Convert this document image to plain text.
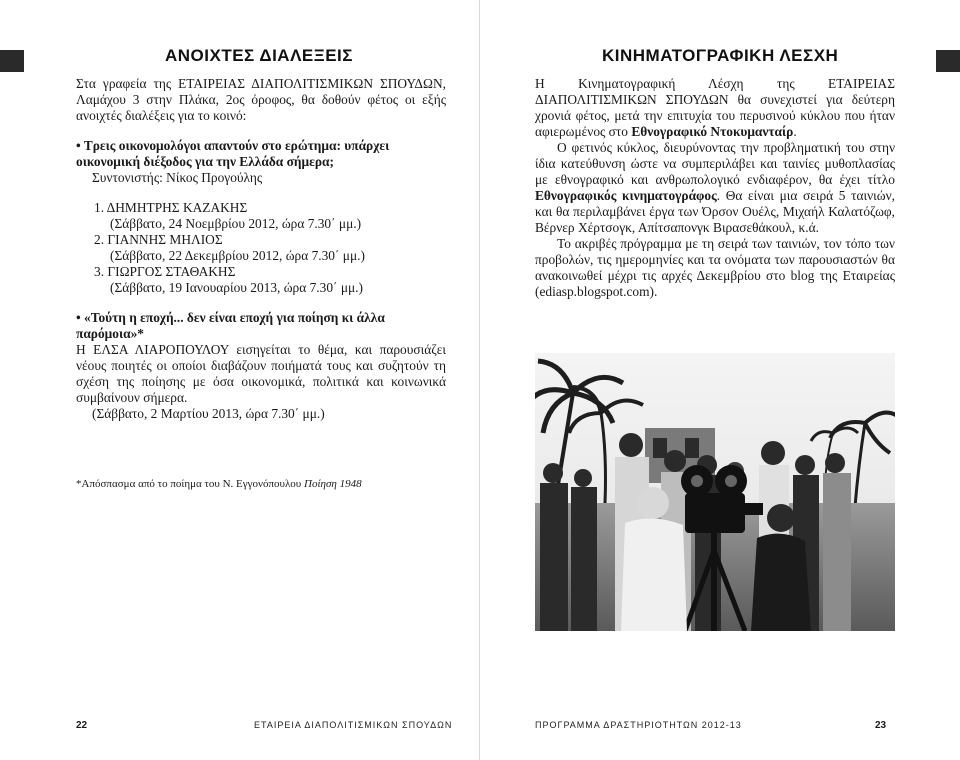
ΑΝΟΙΧΤΕΣ ΔΙΑΛΕΞΕΙΣ

Στα γραφεία της ΕΤΑΙΡΕΙΑΣ ΔΙΑΠΟΛΙΤΙΣΜΙΚΩΝ ΣΠΟΥΔΩΝ, Λαμάχου 3 στην Πλάκα, 2ος όροφος, θα δοθούν φέτος οι εξής ανοιχτές διαλέξεις για το κοινό:

• Τρεις οικονομολόγοι απαντούν στο ερώτημα: υπάρχει οικονομική διέξοδος για την Ελλάδα σήμερα;

Συντονιστής: Νίκος Προγούλης

1. ΔΗΜΗΤΡΗΣ ΚΑΖΑΚΗΣ
(Σάββατο, 24 Νοεμβρίου 2012, ώρα 7.30΄ μμ.)
2. ΓΙΑΝΝΗΣ ΜΗΛΙΟΣ
(Σάββατο, 22 Δεκεμβρίου 2012, ώρα 7.30΄ μμ.)
3. ΓΙΩΡΓΟΣ ΣΤΑΘΑΚΗΣ
(Σάββατο, 19 Ιανουαρίου 2013, ώρα 7.30΄ μμ.)

• «Τούτη η εποχή... δεν είναι εποχή για ποίηση κι άλλα παρόμοια»*

Η ΕΛΣΑ ΛΙΑΡΟΠΟΥΛΟΥ εισηγείται το θέμα, και παρουσιάζει νέους ποιητές οι οποίοι διαβάζουν ποιήματά τους και συζητούν τη σχέση της ποίησης με όσα οικονομικά, πολιτικά και κοινωνικά συμβαίνουν σήμερα.

(Σάββατο, 2 Μαρτίου 2013, ώρα 7.30΄ μμ.)

*Απόσπασμα από το ποίημα του Ν. Εγγονόπουλου Ποίηση 1948
22	ΕΤΑΙΡΕΙΑ ΔΙΑΠΟΛΙΤΙΣΜΙΚΩΝ ΣΠΟΥΔΩΝ
ΚΙΝΗΜΑΤΟΓΡΑΦΙΚΗ ΛΕΣΧΗ

Η Κινηματογραφική Λέσχη της ΕΤΑΙΡΕΙΑΣ ΔΙΑΠΟΛΙΤΙΣΜΙΚΩΝ ΣΠΟΥΔΩΝ θα συνεχιστεί για δεύτερη χρονιά φέτος, μετά την επιτυχία του περυσινού κύκλου που ήταν αφιερωμένος στο Εθνογραφικό Ντοκυμανταίρ.

Ο φετινός κύκλος, διευρύνοντας την προβληματική του στην ίδια κατεύθυνση ώστε να συμπεριλάβει και ταινίες μυθοπλασίας με εθνογραφικό και ανθρωπολογικό ενδιαφέρον, θα έχει τίτλο Εθνογραφικός κινηματογράφος. Θα είναι μια σειρά 5 ταινιών, και θα περιλαμβάνει έργα των Όρσον Ουέλς, Μιχαήλ Καλατόζωφ, Βέρνερ Χέρτσογκ, Απίτσαπονγκ Βιρασεθάκουλ, κ.ά.

Το ακριβές πρόγραμμα με τη σειρά των ταινιών, τον τόπο των προβολών, τις ημερομηνίες και τα ονόματα των παρουσιαστών θα ανακοινωθεί μέχρι τις αρχές Δεκεμβρίου στο blog της Εταιρείας (ediasp.blogspot.com).

23
ΠΡΟΓΡΑΜΜΑ ΔΡΑΣΤΗΡΙΟΤΗΤΩΝ 2012-13
